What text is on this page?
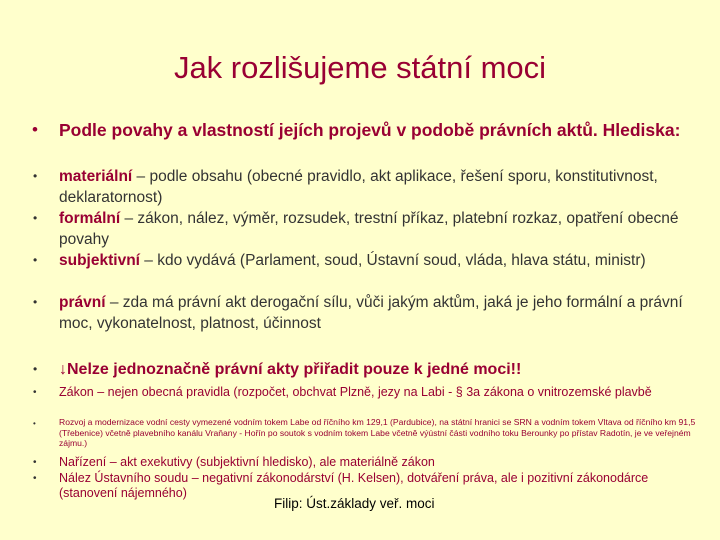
Jak rozlišujeme státní moci
• Podle povahy a vlastností jejích projevů v podobě právních aktů. Hlediska:
• materiální – podle obsahu (obecné pravidlo, akt aplikace, řešení sporu, konstitutivnost, deklaratornost)
• formální – zákon, nález, výměr, rozsudek, trestní příkaz, platební rozkaz, opatření obecné povahy
• subjektivní – kdo vydává (Parlament, soud, Ústavní soud, vláda, hlava státu, ministr)
• právní – zda má právní akt derogační sílu, vůči jakým aktům, jaká je jeho formální a právní moc, vykonatelnost, platnost, účinnost
• ↓Nelze jednoznačně právní akty přiřadit pouze k jedné moci!!
• Zákon – nejen obecná pravidla (rozpočet, obchvat Plzně, jezy na Labi - § 3a zákona o vnitrozemské plavbě
•	Rozvoj a modernizace vodní cesty vymezené vodním tokem Labe od říčního km 129,1 (Pardubice), na státní hranici se SRN a vodním tokem Vltava od říčního km 91,5 (Třebenice) včetně plavebního kanálu Vraňany - Hořín po soutok s vodním tokem Labe včetně výústní části vodního toku Berounky po přístav Radotín, je ve veřejném zájmu.)
• Nařízení – akt exekutivy (subjektivní hledisko), ale materiálně zákon
• Nález Ústavního soudu – negativní zákonodárství (H. Kelsen), dotváření práva, ale i pozitivní zákonodárce (stanovení nájemného)
Filip: Úst.základy veř. moci
